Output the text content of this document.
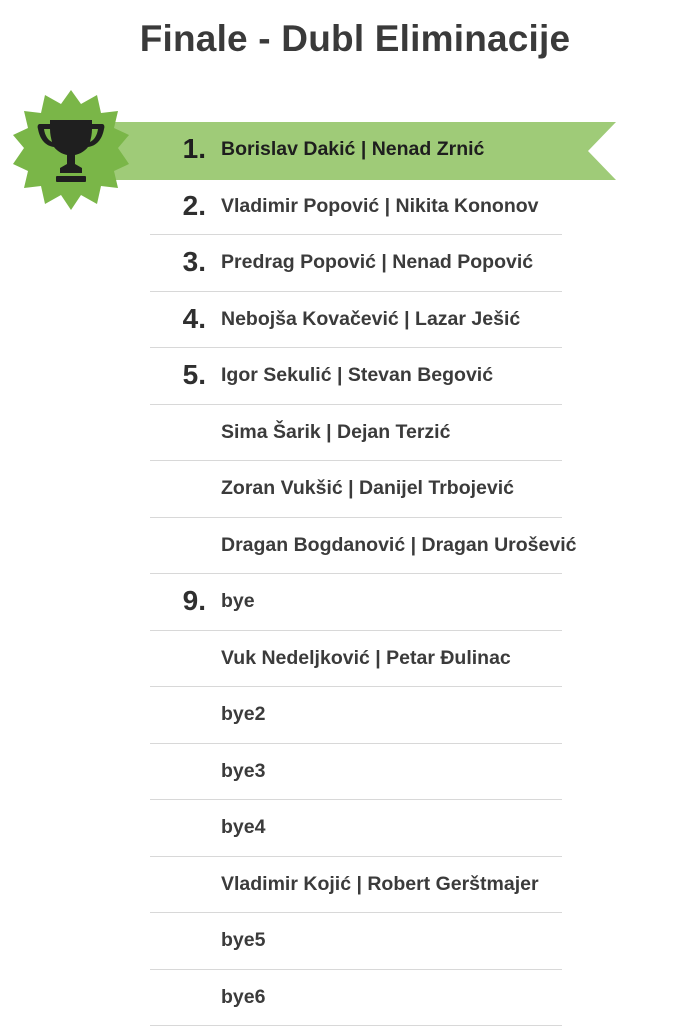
Finale - Dubl Eliminacije
1. Borislav Dakić | Nenad Zrnić
2. Vladimir Popović | Nikita Kononov
3. Predrag Popović | Nenad Popović
4. Nebojša Kovačević | Lazar Ješić
5. Igor Sekulić | Stevan Begović
Sima Šarik | Dejan Terzić
Zoran Vukšić | Danijel Trbojević
Dragan Bogdanović | Dragan Urošević
9. bye
Vuk Nedeljković | Petar Đulinac
bye2
bye3
bye4
Vladimir Kojić | Robert Gerštmajer
bye5
bye6
